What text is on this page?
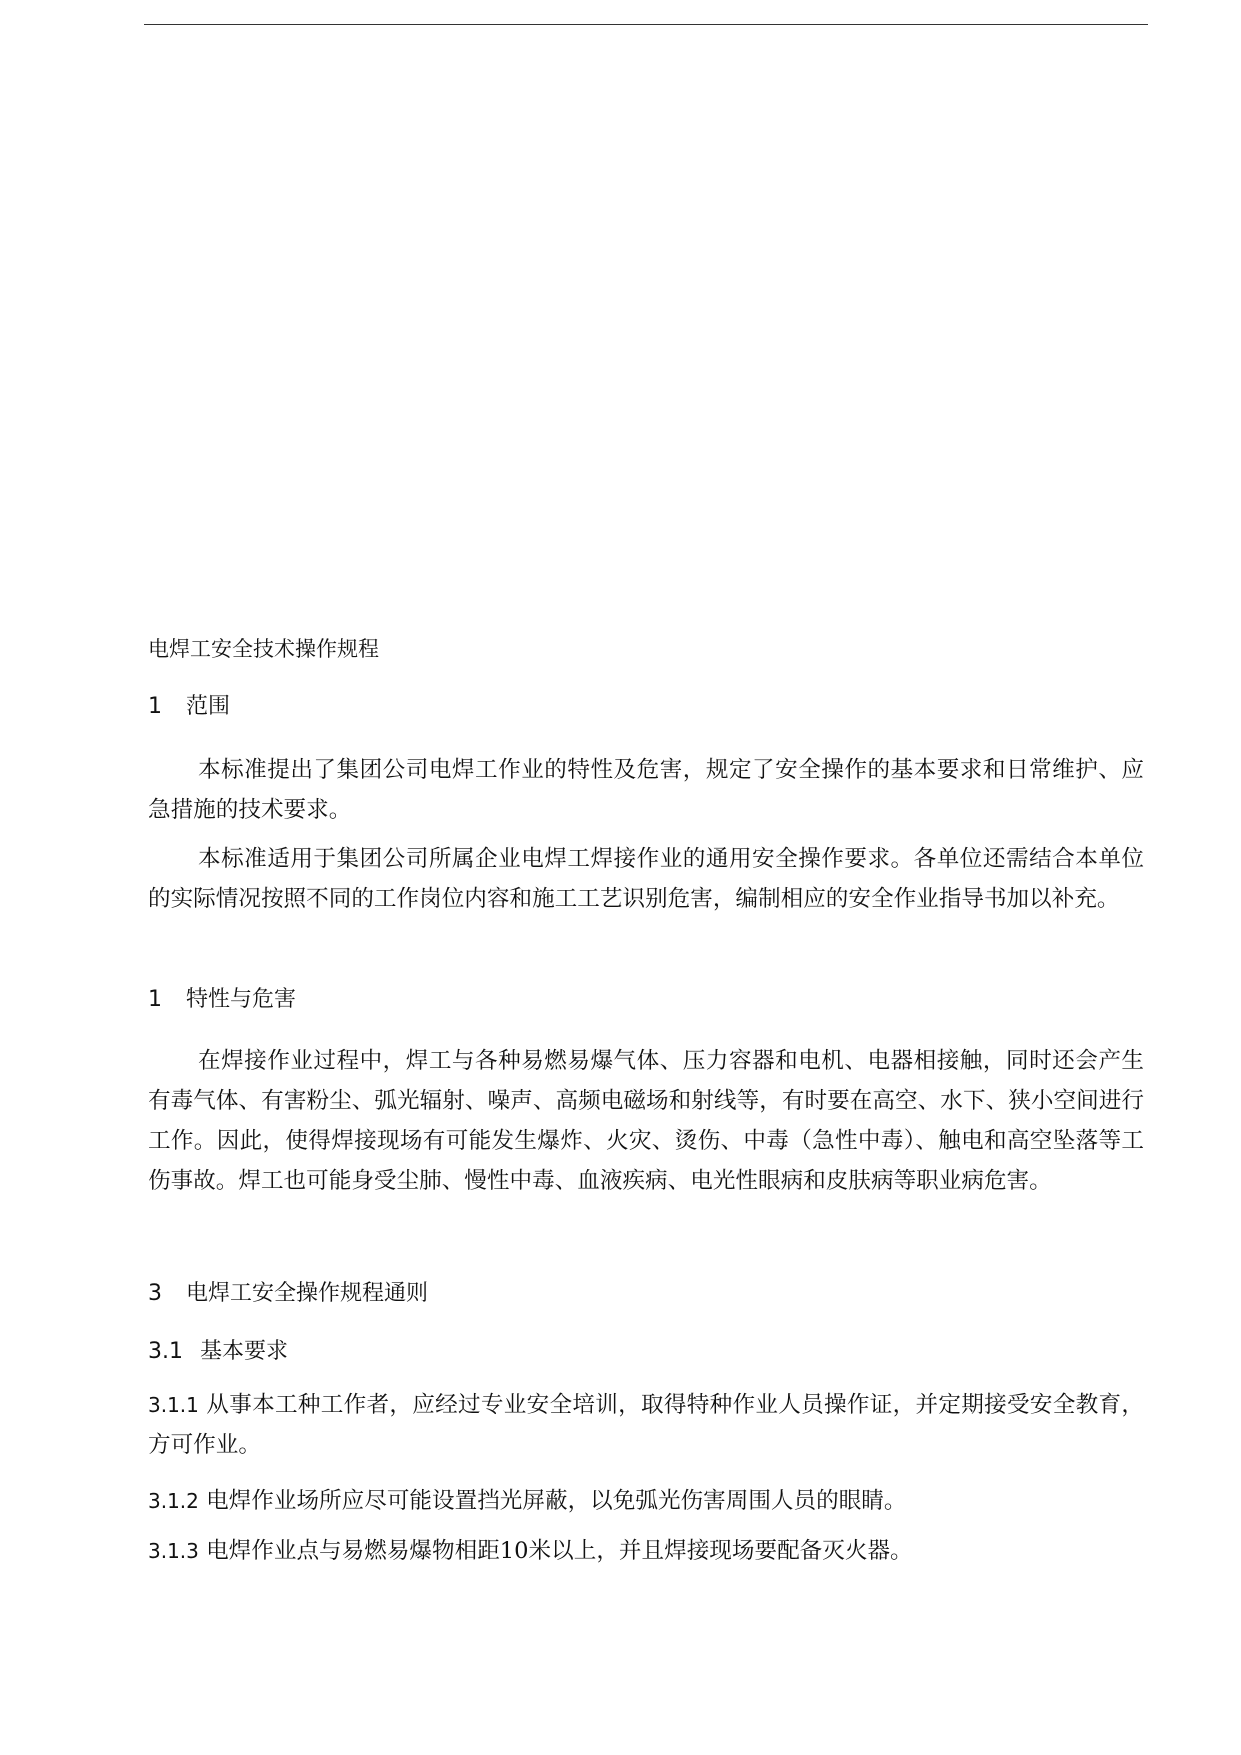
电焊工安全技术操作规程
1 范围

本标准提出了集团公司电焊工作业的特性及危害，规定了安全操作的基本要求和日常维护、应急措施的技术要求。

本标准适用于集团公司所属企业电焊工焊接作业的通用安全操作要求。各单位还需结合本单位的实际情况按照不同的工作岗位内容和施工工艺识别危害，编制相应的安全作业指导书加以补充。

1 特性与危害

在焊接作业过程中，焊工与各种易燃易爆气体、压力容器和电机、电器相接触，同时还会产生有毒气体、有害粉尘、弧光辐射、噪声、高频电磁场和射线等，有时要在高空、水下、狭小空间进行工作。因此，使得焊接现场有可能发生爆炸、火灾、烫伤、中毒（急性中毒）、触电和高空坠落等工伤事故。焊工也可能身受尘肺、慢性中毒、血液疾病、电光性眼病和皮肤病等职业病危害。

3 电焊工安全操作规程通则
3.1 基本要求

3.1.1 从事本工种工作者，应经过专业安全培训，取得特种作业人员操作证，并定期接受安全教育，方可作业。

3.1.2 电焊作业场所应尽可能设置挡光屏蔽，以免弧光伤害周围人员的眼睛。

3.1.3 电焊作业点与易燃易爆物相距10米以上，并且焊接现场要配备灭火器。
